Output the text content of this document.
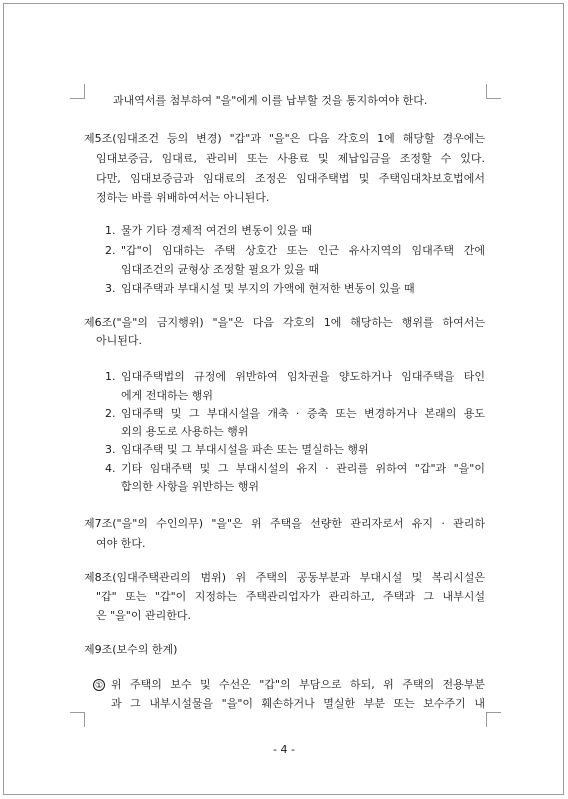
과내역서를 첨부하여 "을"에게 이를 납부할 것을 통지하여야 한다.
제5조(임대조건 등의 변경) "갑"과 "을"은 다음 각호의 1에 해당할 경우에는
임대보증금, 임대료, 관리비 또는 사용료 및 제납입금을 조정할 수 있다.
다만, 임대보증금과 임대료의 조정은 임대주택법 및 주택임대차보호법에서
정하는 바를 위배하여서는 아니된다.
1. 물가 기타 경제적 여건의 변동이 있을 때
2. "갑"이 임대하는 주택 상호간 또는 인근 유사지역의 임대주택 간에
임대조건의 균형상 조정할 필요가 있을 때
3. 임대주택과 부대시설 및 부지의 가액에 현저한 변동이 있을 때
제6조("을"의 금지행위) "을"은 다음 각호의 1에 해당하는 행위를 하여서는
아니된다.
1. 임대주택법의 규정에 위반하여 임차권을 양도하거나 임대주택을 타인
에게 전대하는 행위
2. 임대주택 및 그 부대시설을 개축 · 증축 또는 변경하거나 본래의 용도
외의 용도로 사용하는 행위
3. 임대주택 및 그 부대시설을 파손 또는 멸실하는 행위
4. 기타 임대주택 및 그 부대시설의 유지 · 관리를 위하여 "갑"과 "을"이
합의한 사항을 위반하는 행위
제7조("을"의 수인의무) "을"은 위 주택을 선량한 관리자로서 유지 · 관리하
여야 한다.
제8조(임대주택관리의 범위) 위 주택의 공동부분과 부대시설 및 복리시설은
"갑" 또는 "갑"이 지정하는 주택관리업자가 관리하고, 주택과 그 내부시설
은 "을"이 관리한다.
제9조(보수의 한계)
① 위 주택의 보수 및 수선은 "갑"의 부담으로 하되, 위 주택의 전용부분
과 그 내부시설물을 "을"이 훼손하거나 멸실한 부분 또는 보수주기 내
- 4 -
